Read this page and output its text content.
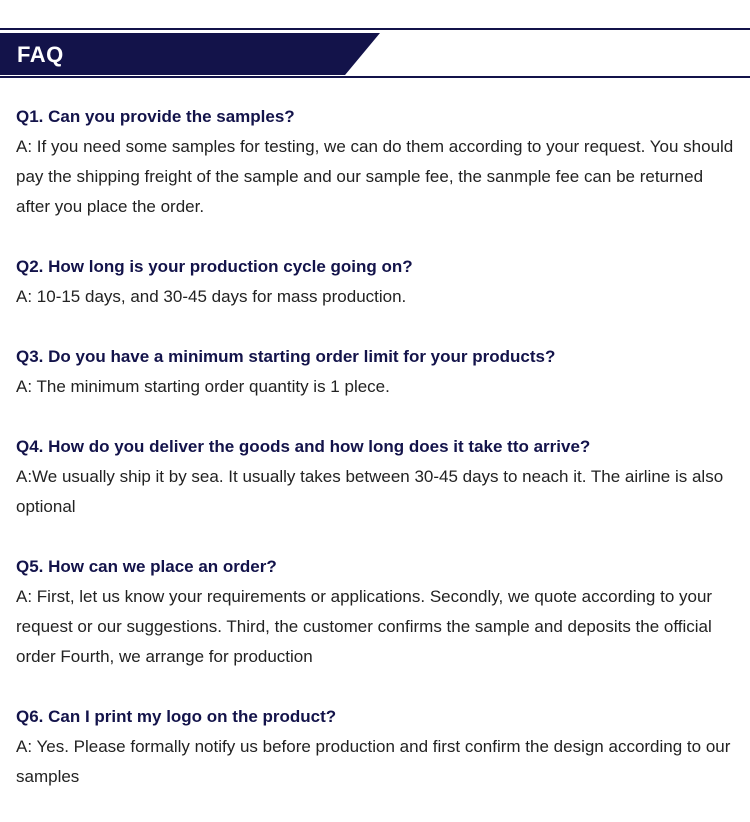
FAQ

Q1. Can you provide the samples?

A: If you need some samples for testing, we can do them according to your request. You should pay the shipping freight of the sample and our sample fee, the sanmple fee can be returned after you place the order.

Q2. How long is your production cycle going on?

A: 10-15 days, and 30-45 days for mass production.

Q3. Do you have a minimum starting order limit for your products?

A: The minimum starting order quantity is 1 plece.

Q4. How do you deliver the goods and how long does it take tto arrive?

A:We usually ship it by sea. It usually takes between 30-45 days to neach it. The airline is also optional

Q5. How can we place an order?

A: First, let us know your requirements or applications. Secondly, we quote according to your request or our suggestions. Third, the customer confirms the sample and deposits the official order Fourth, we arrange for production

Q6. Can I print my logo on the product?

A: Yes. Please formally notify us before production and first confirm the design according to our samples
